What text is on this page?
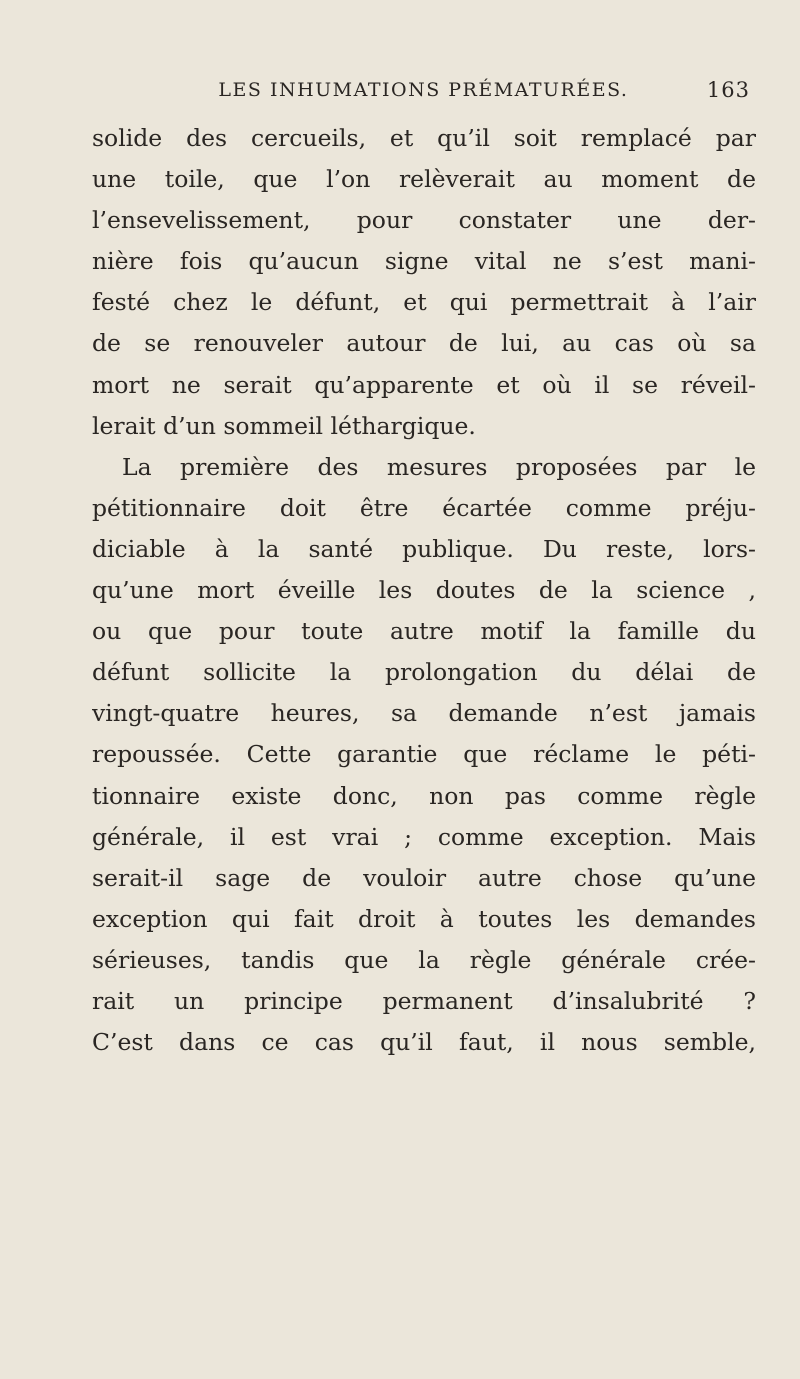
LES INHUMATIONS PRÉMATURÉES.	163
solide des cercueils, et qu’il soit remplacé par
une toile, que l’on relèverait au moment de
l’ensevelissement, pour constater une der-
nière fois qu’aucun signe vital ne s’est mani-
festé chez le défunt, et qui permettrait à l’air
de se renouveler autour de lui, au cas où sa
mort ne serait qu’apparente et où il se réveil-
lerait d’un sommeil léthargique.
La première des mesures proposées par le
pétitionnaire doit être écartée comme préju-
diciable à la santé publique. Du reste, lors-
qu’une mort éveille les doutes de la science ,
ou que pour toute autre motif la famille du
défunt sollicite la prolongation du délai de
vingt-quatre heures, sa demande n’est jamais
repoussée. Cette garantie que réclame le péti-
tionnaire existe donc, non pas comme règle
générale, il est vrai ; comme exception. Mais
serait-il sage de vouloir autre chose qu’une
exception qui fait droit à toutes les demandes
sérieuses, tandis que la règle générale crée-
rait un principe permanent d’insalubrité ?
C’est dans ce cas qu’il faut, il nous semble,
